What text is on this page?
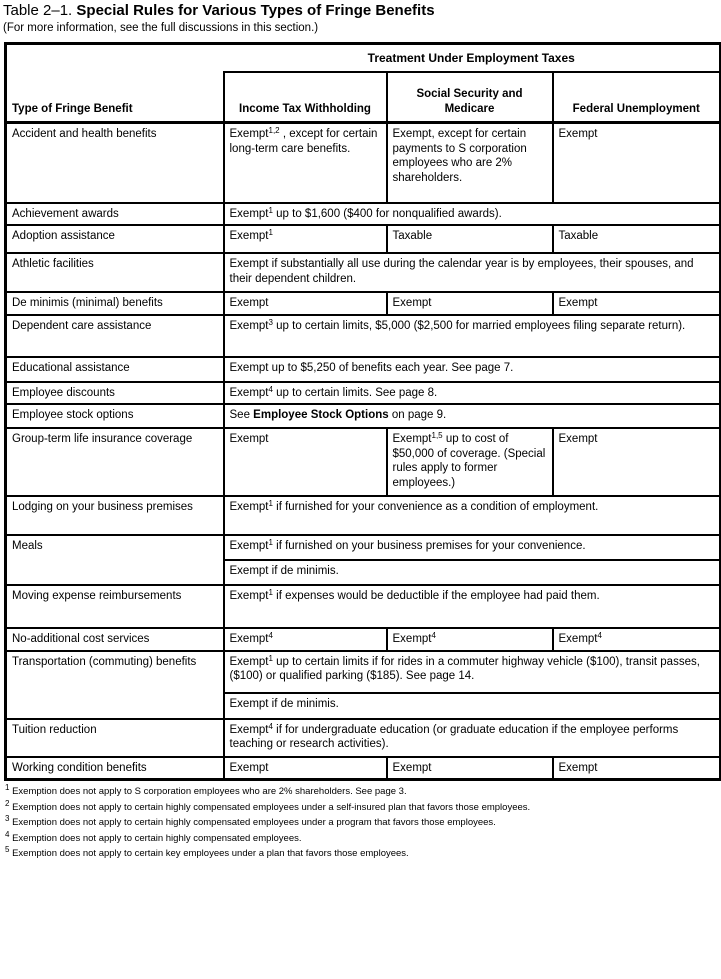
Table 2–1. Special Rules for Various Types of Fringe Benefits
(For more information, see the full discussions in this section.)
Type of Fringe Benefit	Treatment Under Employment Taxes		
	Income Tax Withholding	Social Security and Medicare	Federal Unemployment
Accident and health benefits	Exempt$^{1,2}$ , except for certain long-term care benefits.	Exempt, except for certain payments to S corporation employees who are 2% shareholders.	Exempt
Achievement awards	Exempt$^1$ up to $1,600 ($400 for nonqualified awards).		
Adoption assistance	Exempt$^1$	Taxable	Taxable
Athletic facilities	Exempt if substantially all use during the calendar year is by employees, their spouses, and their dependent children.		
De minimis (minimal) benefits	Exempt	Exempt	Exempt
Dependent care assistance	Exempt$^3$ up to certain limits, $5,000 ($2,500 for married employees filing separate return).		
Educational assistance	Exempt up to $5,250 of benefits each year. See page 7.		
Employee discounts	Exempt$^4$ up to certain limits. See page 8.		
Employee stock options	See Employee Stock Options on page 9.		
Group-term life insurance coverage	Exempt	Exempt$^{1,5}$ up to cost of $50,000 of coverage. (Special rules apply to former employees.)	Exempt
Lodging on your business premises	Exempt$^1$ if furnished for your convenience as a condition of employment.		
Meals	Exempt$^1$ if furnished on your business premises for your convenience.		
	Exempt if de minimis.		
Moving expense reimbursements	Exempt$^1$ if expenses would be deductible if the employee had paid them.		
No-additional cost services	Exempt$^4$	Exempt$^4$	Exempt$^4$
Transportation (commuting) benefits	Exempt$^1$ up to certain limits if for rides in a commuter highway vehicle ($100), transit passes, ($100) or qualified parking ($185). See page 14.		
	Exempt if de minimis.		
Tuition reduction	Exempt$^4$ if for undergraduate education (or graduate education if the employee performs teaching or research activities).		
Working condition benefits	Exempt	Exempt	Exempt
$^1$ Exemption does not apply to S corporation employees who are 2% shareholders. See page 3.
$^2$ Exemption does not apply to certain highly compensated employees under a self-insured plan that favors those employees.
$^3$ Exemption does not apply to certain highly compensated employees under a program that favors those employees.
$^4$ Exemption does not apply to certain highly compensated employees.
$^5$ Exemption does not apply to certain key employees under a plan that favors those employees.
